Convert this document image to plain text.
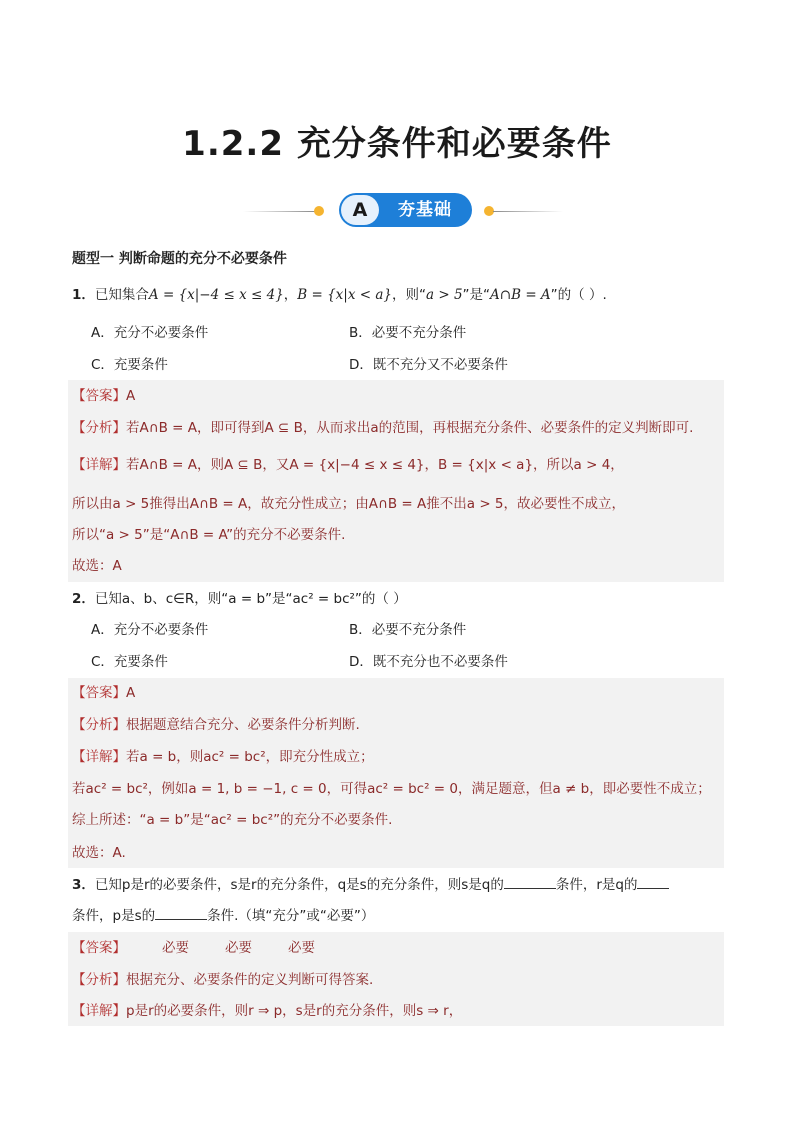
1.2.2 充分条件和必要条件
A	夯基础
题型一 判断命题的充分不必要条件
1．已知集合A = {x|−4 ≤ x ≤ 4}，B = {x|x < a}，则“a > 5”是“A∩B = A”的（ ）.
A．充分不必要条件	B．必要不充分条件
C．充要条件	D．既不充分又不必要条件
【答案】A
【分析】若A∩B = A，即可得到A ⊆ B，从而求出a的范围，再根据充分条件、必要条件的定义判断即可.
【详解】若A∩B = A，则A ⊆ B，又A = {x|−4 ≤ x ≤ 4}，B = {x|x < a}，所以a > 4，
所以由a > 5推得出A∩B = A，故充分性成立；由A∩B = A推不出a > 5，故必要性不成立，
所以“a > 5”是“A∩B = A”的充分不必要条件.
故选：A
2．已知a、b、c∈R，则“a = b”是“ac² = bc²”的（ ）
A．充分不必要条件	B．必要不充分条件
C．充要条件	D．既不充分也不必要条件
【答案】A
【分析】根据题意结合充分、必要条件分析判断.
【详解】若a = b，则ac² = bc²，即充分性成立；
若ac² = bc²，例如a = 1, b = −1, c = 0，可得ac² = bc² = 0，满足题意，但a ≠ b，即必要性不成立；
综上所述：“a = b”是“ac² = bc²”的充分不必要条件.
故选：A.
3．已知p是r的必要条件，s是r的充分条件，q是s的充分条件，则s是q的	条件，r是q的
条件，p是s的	条件.（填“充分”或“必要”）
【答案】	必要	必要	必要
【分析】根据充分、必要条件的定义判断可得答案.
【详解】p是r的必要条件，则r ⇒ p，s是r的充分条件，则s ⇒ r，
